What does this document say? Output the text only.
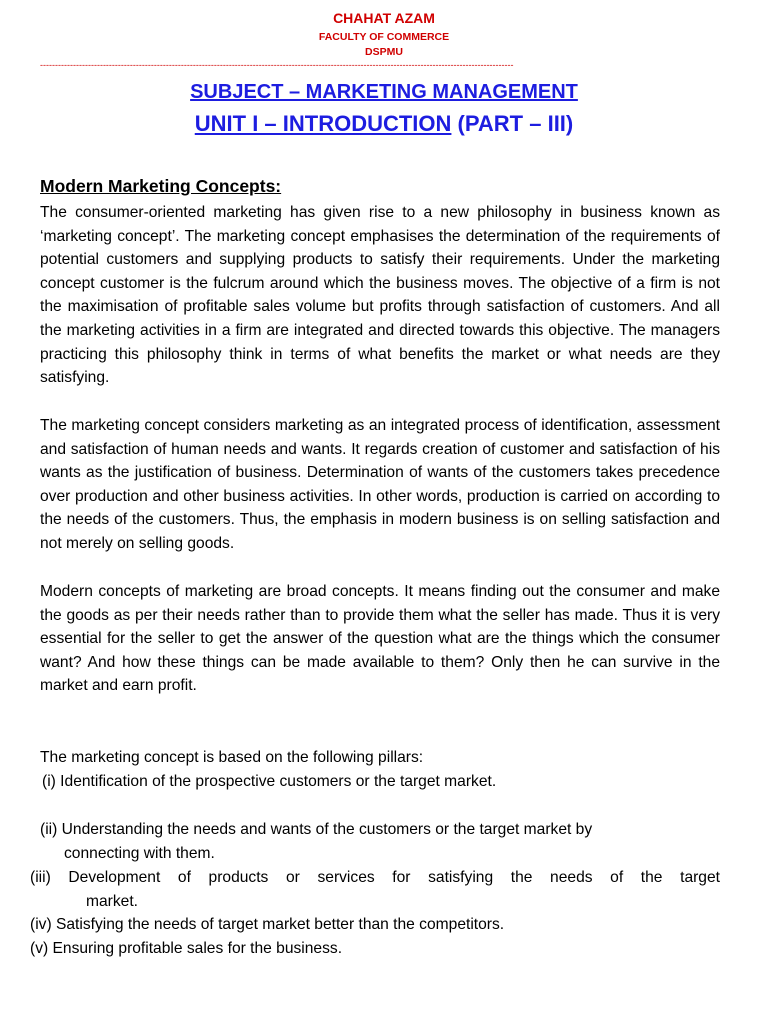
CHAHAT AZAM
FACULTY OF COMMERCE
DSPMU
--------------------------------------------------------------------------------------------------------------------------------------------------------------
SUBJECT – MARKETING MANAGEMENT
UNIT I – INTRODUCTION (PART – III)
Modern Marketing Concepts:
The consumer-oriented marketing has given rise to a new philosophy in business known as ‘marketing concept’. The marketing concept emphasises the determination of the requirements of potential customers and supplying products to satisfy their requirements. Under the marketing concept customer is the fulcrum around which the business moves. The objective of a firm is not the maximisation of profitable sales volume but profits through satisfaction of customers. And all the marketing activities in a firm are integrated and directed towards this objective. The managers practicing this philosophy think in terms of what benefits the market or what needs are they satisfying.
The marketing concept considers marketing as an integrated process of identification, assessment and satisfaction of human needs and wants. It regards creation of customer and satisfaction of his wants as the justification of business. Determination of wants of the customers takes precedence over production and other business activities. In other words, production is carried on according to the needs of the customers. Thus, the emphasis in modern business is on selling satisfaction and not merely on selling goods.
Modern concepts of marketing are broad concepts. It means finding out the consumer and make the goods as per their needs rather than to provide them what the seller has made. Thus it is very essential for the seller to get the answer of the question what are the things which the consumer want? And how these things can be made available to them? Only then he can survive in the market and earn profit.
The marketing concept is based on the following pillars:
(i) Identification of the prospective customers or the target market.
(ii) Understanding the needs and wants of the customers or the target market by
connecting with them.
(iii) Development of products or services for satisfying the needs of the target
market.
(iv) Satisfying the needs of target market better than the competitors.
(v) Ensuring profitable sales for the business.
